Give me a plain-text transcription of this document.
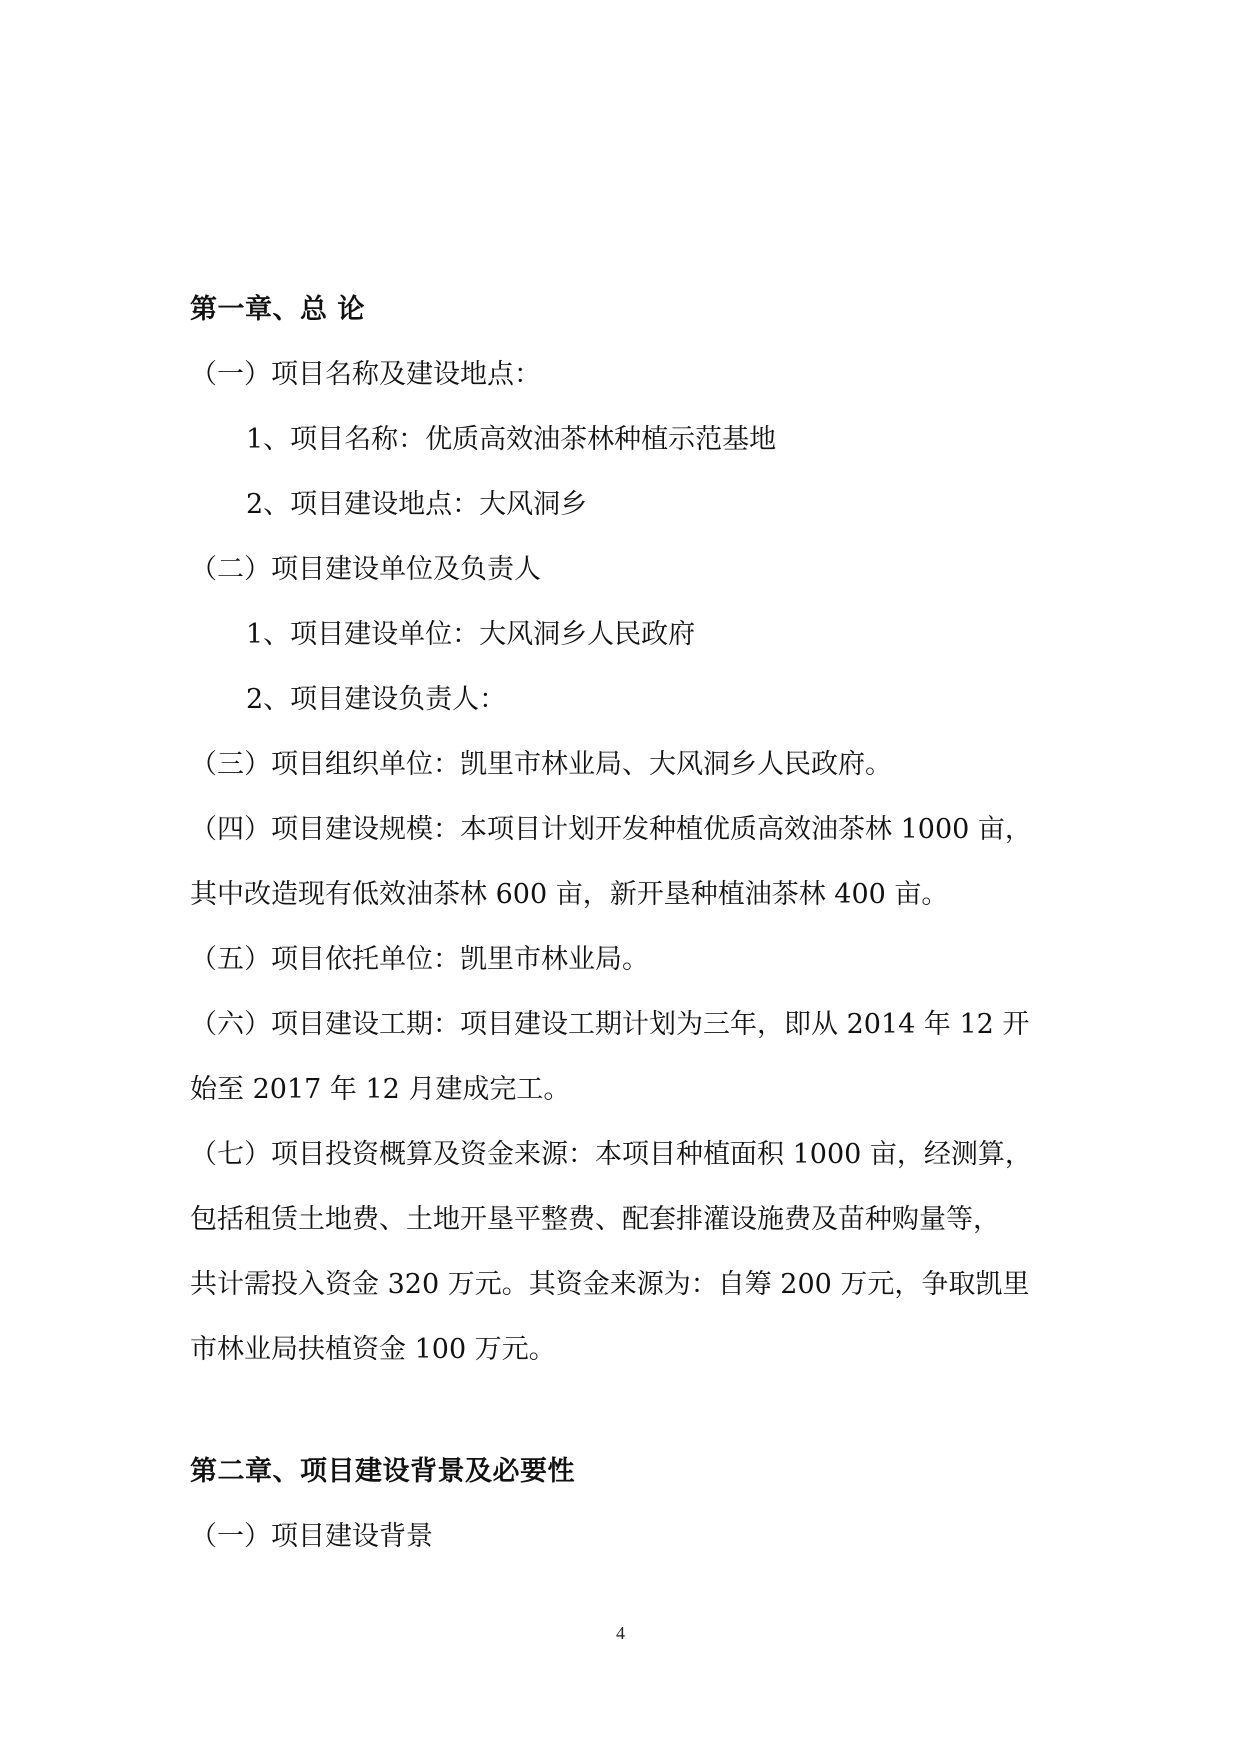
第一章、总 论

（一）项目名称及建设地点：

1、项目名称：优质高效油茶林种植示范基地

2、项目建设地点：大风洞乡

（二）项目建设单位及负责人

1、项目建设单位：大风洞乡人民政府

2、项目建设负责人：

（三）项目组织单位：凯里市林业局、大风洞乡人民政府。

（四）项目建设规模：本项目计划开发种植优质高效油茶林 1000 亩，

其中改造现有低效油茶林 600 亩，新开垦种植油茶林 400 亩。

（五）项目依托单位：凯里市林业局。

（六）项目建设工期：项目建设工期计划为三年，即从 2014 年 12 开

始至 2017 年 12 月建成完工。

（七）项目投资概算及资金来源：本项目种植面积 1000 亩，经测算，

包括租赁土地费、土地开垦平整费、配套排灌设施费及苗种购量等，

共计需投入资金 320 万元。其资金来源为：自筹 200 万元，争取凯里

市林业局扶植资金 100 万元。

第二章、项目建设背景及必要性

（一）项目建设背景

4
